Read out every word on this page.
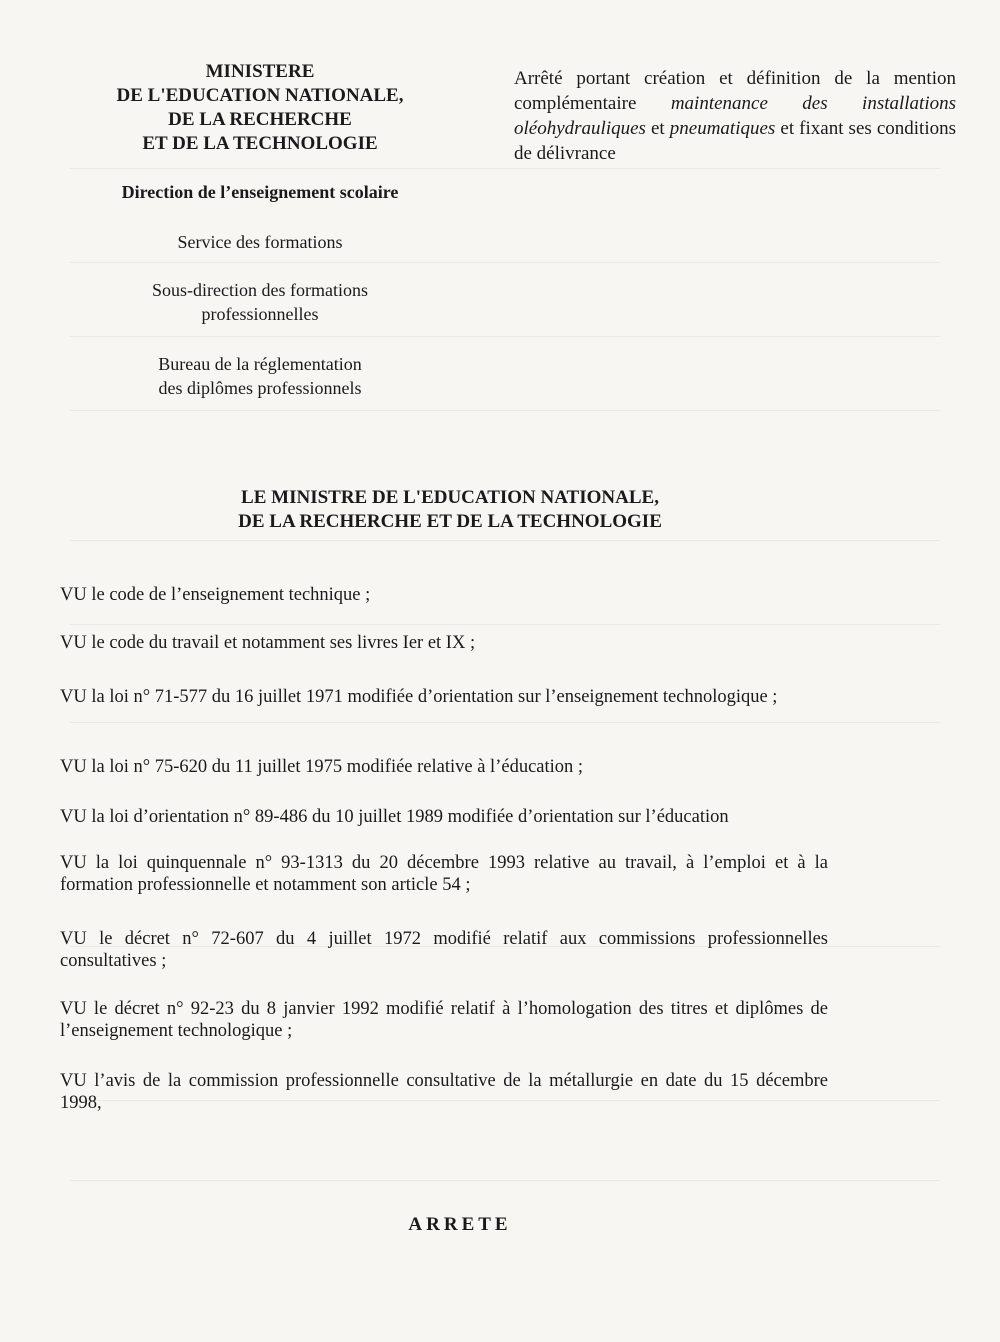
MINISTERE
DE L'EDUCATION NATIONALE,
DE LA RECHERCHE
ET DE LA TECHNOLOGIE
Direction de l’enseignement scolaire
Service des formations
Sous-direction des formations
professionnelles
Bureau de la réglementation
des diplômes professionnels
Arrêté portant création et définition de la mention complémentaire maintenance des installations oléohydrauliques et pneumatiques et fixant ses conditions de délivrance
LE MINISTRE DE L'EDUCATION NATIONALE,
DE LA RECHERCHE ET DE LA TECHNOLOGIE
VU le code de l’enseignement technique ;
VU le code du travail et notamment ses livres Ier et IX ;
VU la loi n° 71-577 du 16 juillet 1971 modifiée d’orientation sur l’enseignement technologique ;
VU la loi n° 75-620 du 11 juillet 1975 modifiée relative à l’éducation ;
VU la loi d’orientation n° 89-486 du 10 juillet 1989 modifiée d’orientation sur l’éducation
VU la loi quinquennale n° 93-1313 du 20 décembre 1993 relative au travail, à l’emploi et à la formation professionnelle et notamment son article 54 ;
VU le décret n° 72-607 du 4 juillet 1972 modifié relatif aux commissions professionnelles consultatives ;
VU le décret n° 92-23 du 8 janvier 1992 modifié relatif à l’homologation des titres et diplômes de l’enseignement technologique ;
VU l’avis de la commission professionnelle consultative de la métallurgie en date du 15 décembre 1998,
ARRETE
